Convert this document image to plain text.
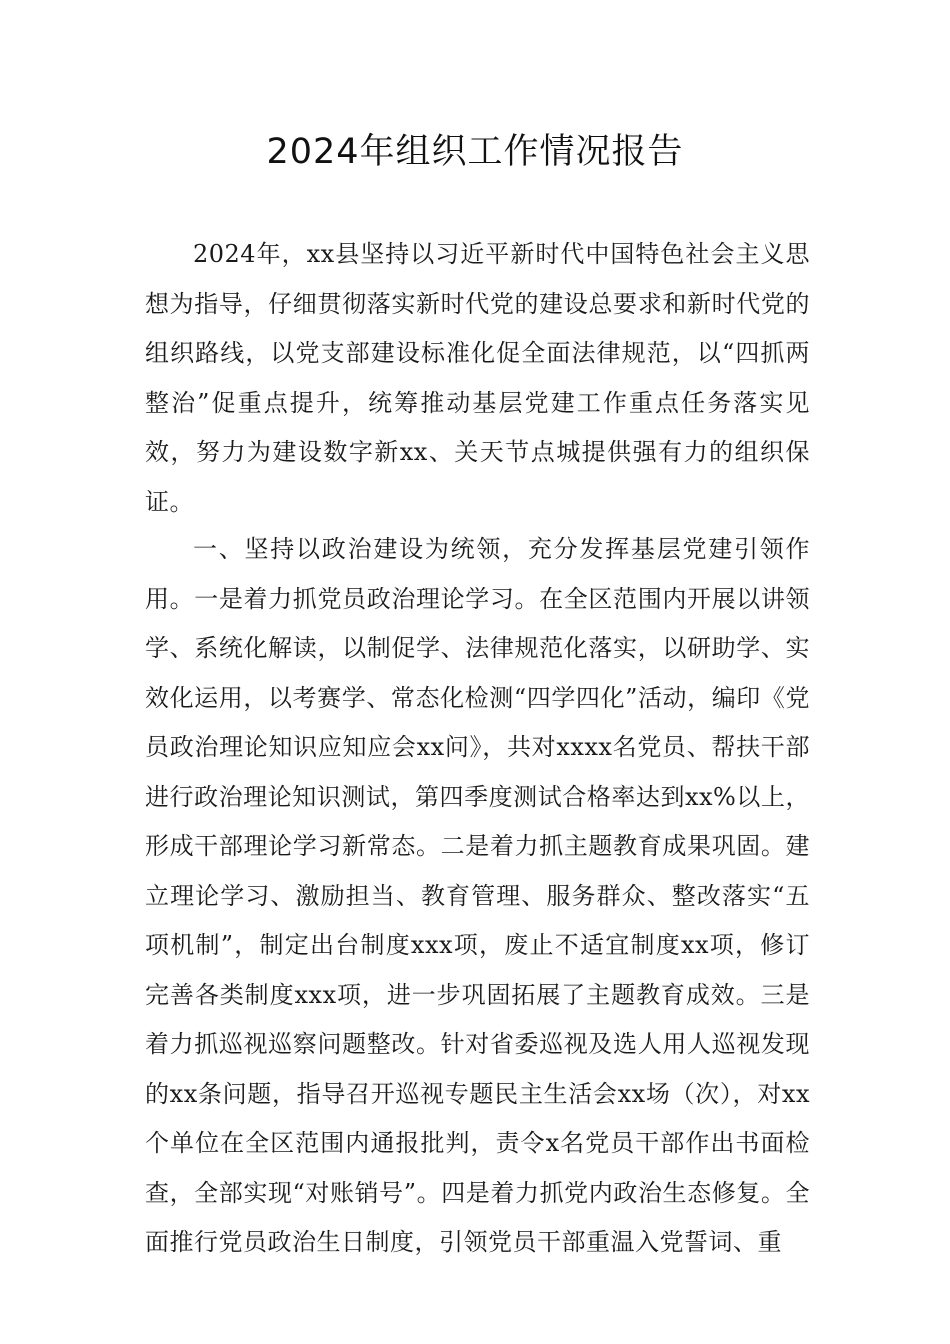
2024年组织工作情况报告

2024年，xx县坚持以习近平新时代中国特色社会主义思想为指导，仔细贯彻落实新时代党的建设总要求和新时代党的组织路线，以党支部建设标准化促全面法律规范，以“四抓两整治”促重点提升，统筹推动基层党建工作重点任务落实见效，努力为建设数字新xx、关天节点城提供强有力的组织保证。

一、坚持以政治建设为统领，充分发挥基层党建引领作用。一是着力抓党员政治理论学习。在全区范围内开展以讲领学、系统化解读，以制促学、法律规范化落实，以研助学、实效化运用，以考赛学、常态化检测“四学四化”活动，编印《党员政治理论知识应知应会xx问》，共对xxxx名党员、帮扶干部进行政治理论知识测试，第四季度测试合格率达到xx%以上，形成干部理论学习新常态。二是着力抓主题教育成果巩固。建立理论学习、激励担当、教育管理、服务群众、整改落实“五项机制”，制定出台制度xxx项，废止不适宜制度xx项，修订完善各类制度xxx项，进一步巩固拓展了主题教育成效。三是着力抓巡视巡察问题整改。针对省委巡视及选人用人巡视发现的xx条问题，指导召开巡视专题民主生活会xx场（次），对xx个单位在全区范围内通报批判，责令x名党员干部作出书面检查，全部实现“对账销号”。四是着力抓党内政治生态修复。全面推行党员政治生日制度，引领党员干部重温入党誓词、重
